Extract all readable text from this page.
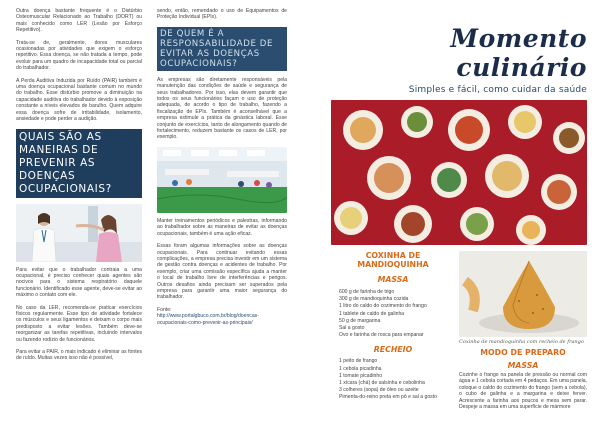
Outra doença bastante frequente é o Distúrbio Osteomuscular Relacionado ao Trabalho (DORT) ou mais conhecido como LER (Lesão por Esforço Repetitivo).

Trata-se de, geralmente, dores musculares ocasionadas por atividades que exigem o esforço repetitivo. Essa doença, se não tratada a tempo, pode evoluir para um quadro de incapacidade total ou parcial do trabalhador.

A Perda Auditiva Induzida por Ruído (PAIR) também é uma doença ocupacional bastante comum no mundo do trabalho. Esse distúrbio promove a diminuição na capacidade auditiva do trabalhador devido à exposição constante a níveis elevados de barulho. Quem adquire essa doença sofre de irritabilidade, isolamento, ansiedade e pode perder a audição.

QUAIS SÃO AS MANEIRAS DE PREVENIR AS DOENÇAS OCUPACIONAIS?

Para evitar que o trabalhador contraia a uma ocupacional, é preciso conhecer quais agentes são nocivos para o sistema respiratório daquele funcionário. Identificado esse agente, deve-se evitar ao máximo o contato com ele.

No caso da LER, recomenda-se praticar exercícios físicos regularmente. Esse tipo de atividade fortalece os músculos e seus ligamentos e deixam o corpo mais predisposto a evitar lesões. Também deve-se reorganizar as tarefas repetitivas, incluindo intervalos ou fazendo rodízio de funcionários.

Para evitar a PAIR, o mais indicado é eliminar as fontes de ruído. Muitas vezes isso não é possível,

sendo, então, remendado o uso de Equipamentos de Proteção Individual (EPIs).

DE QUEM É A RESPONSABILIDADE DE EVITAR AS DOENÇAS OCUPACIONAIS?

As empresas são diretamente responsáveis pela manutenção das condições de saúde e segurança de seus trabalhadores. Por isso, elas devem garantir que todos os seus funcionários façam o uso de proteção adequada, de acordo o tipo de trabalho, fazendo a fiscalização de EPIs. Também é aconselhável que a empresa estimule a prática da ginástica laboral. Esse conjunto de exercícios, tanto de alongamento quando de fortalecimento, reduzem bastante os casos de LER, por exemplo.

Manter treinamentos periódicos e palestras, informando ao trabalhador sobre as maneiras de evitar as doenças ocupacionais, também é uma ação eficaz.

Essas foram algumas informações sobre as doenças ocupacionais. Para continuar evitando essas complicações, a empresa precisa investir em um sistema de gestão contra doenças e acidentes de trabalho. Por exemplo, criar uma comissão específica ajuda a manter o local de trabalho livre de interferências e perigos. Outros desafios ainda precisam ser superados pela empresa para garantir uma maior segurança do trabalhador.

Fonte:

http://www.portalgbuco.com.br/blog/doencas-ocupacionais-como-prevenir-as-principais/

Momento culinário
Simples e fácil, como cuidar da saúde
COXINHA DE MANDIOQUINHA
MASSA
• 600 g de farinha de trigo
• 300 g de mandioquinha cozida
• 1 litro do caldo do cozimento do frango
• 1 tablete de caldo de galinha
• 50 g de margarina
• Sal a gosto
• Ovo e farinha de rosca para empanar
RECHEIO
• 1 peito de frango
• 1 cebola picadinha
• 1 tomate picadinho
• 1 xícara (chá) de salsinha e cebolinha
• 3 colheres (sopa) de óleo ou azeite
• Pimenta-do-reino preta em pó e sal a gosto
Coxinha de mandioquinha com recheio de frango
MODO DE PREPARO
MASSA

Cozinhe o frango na panela de pressão ou normal com água e 1 cebola cortada em 4 pedaços. Em uma panela, coloque o caldo do cozimento do frango (sem a cebola), o cubo de galinha e a margarina e deixe ferver. Acrescente a farinha aos poucos e mexa sem parar. Despeje a massa em uma superfície de mármore
